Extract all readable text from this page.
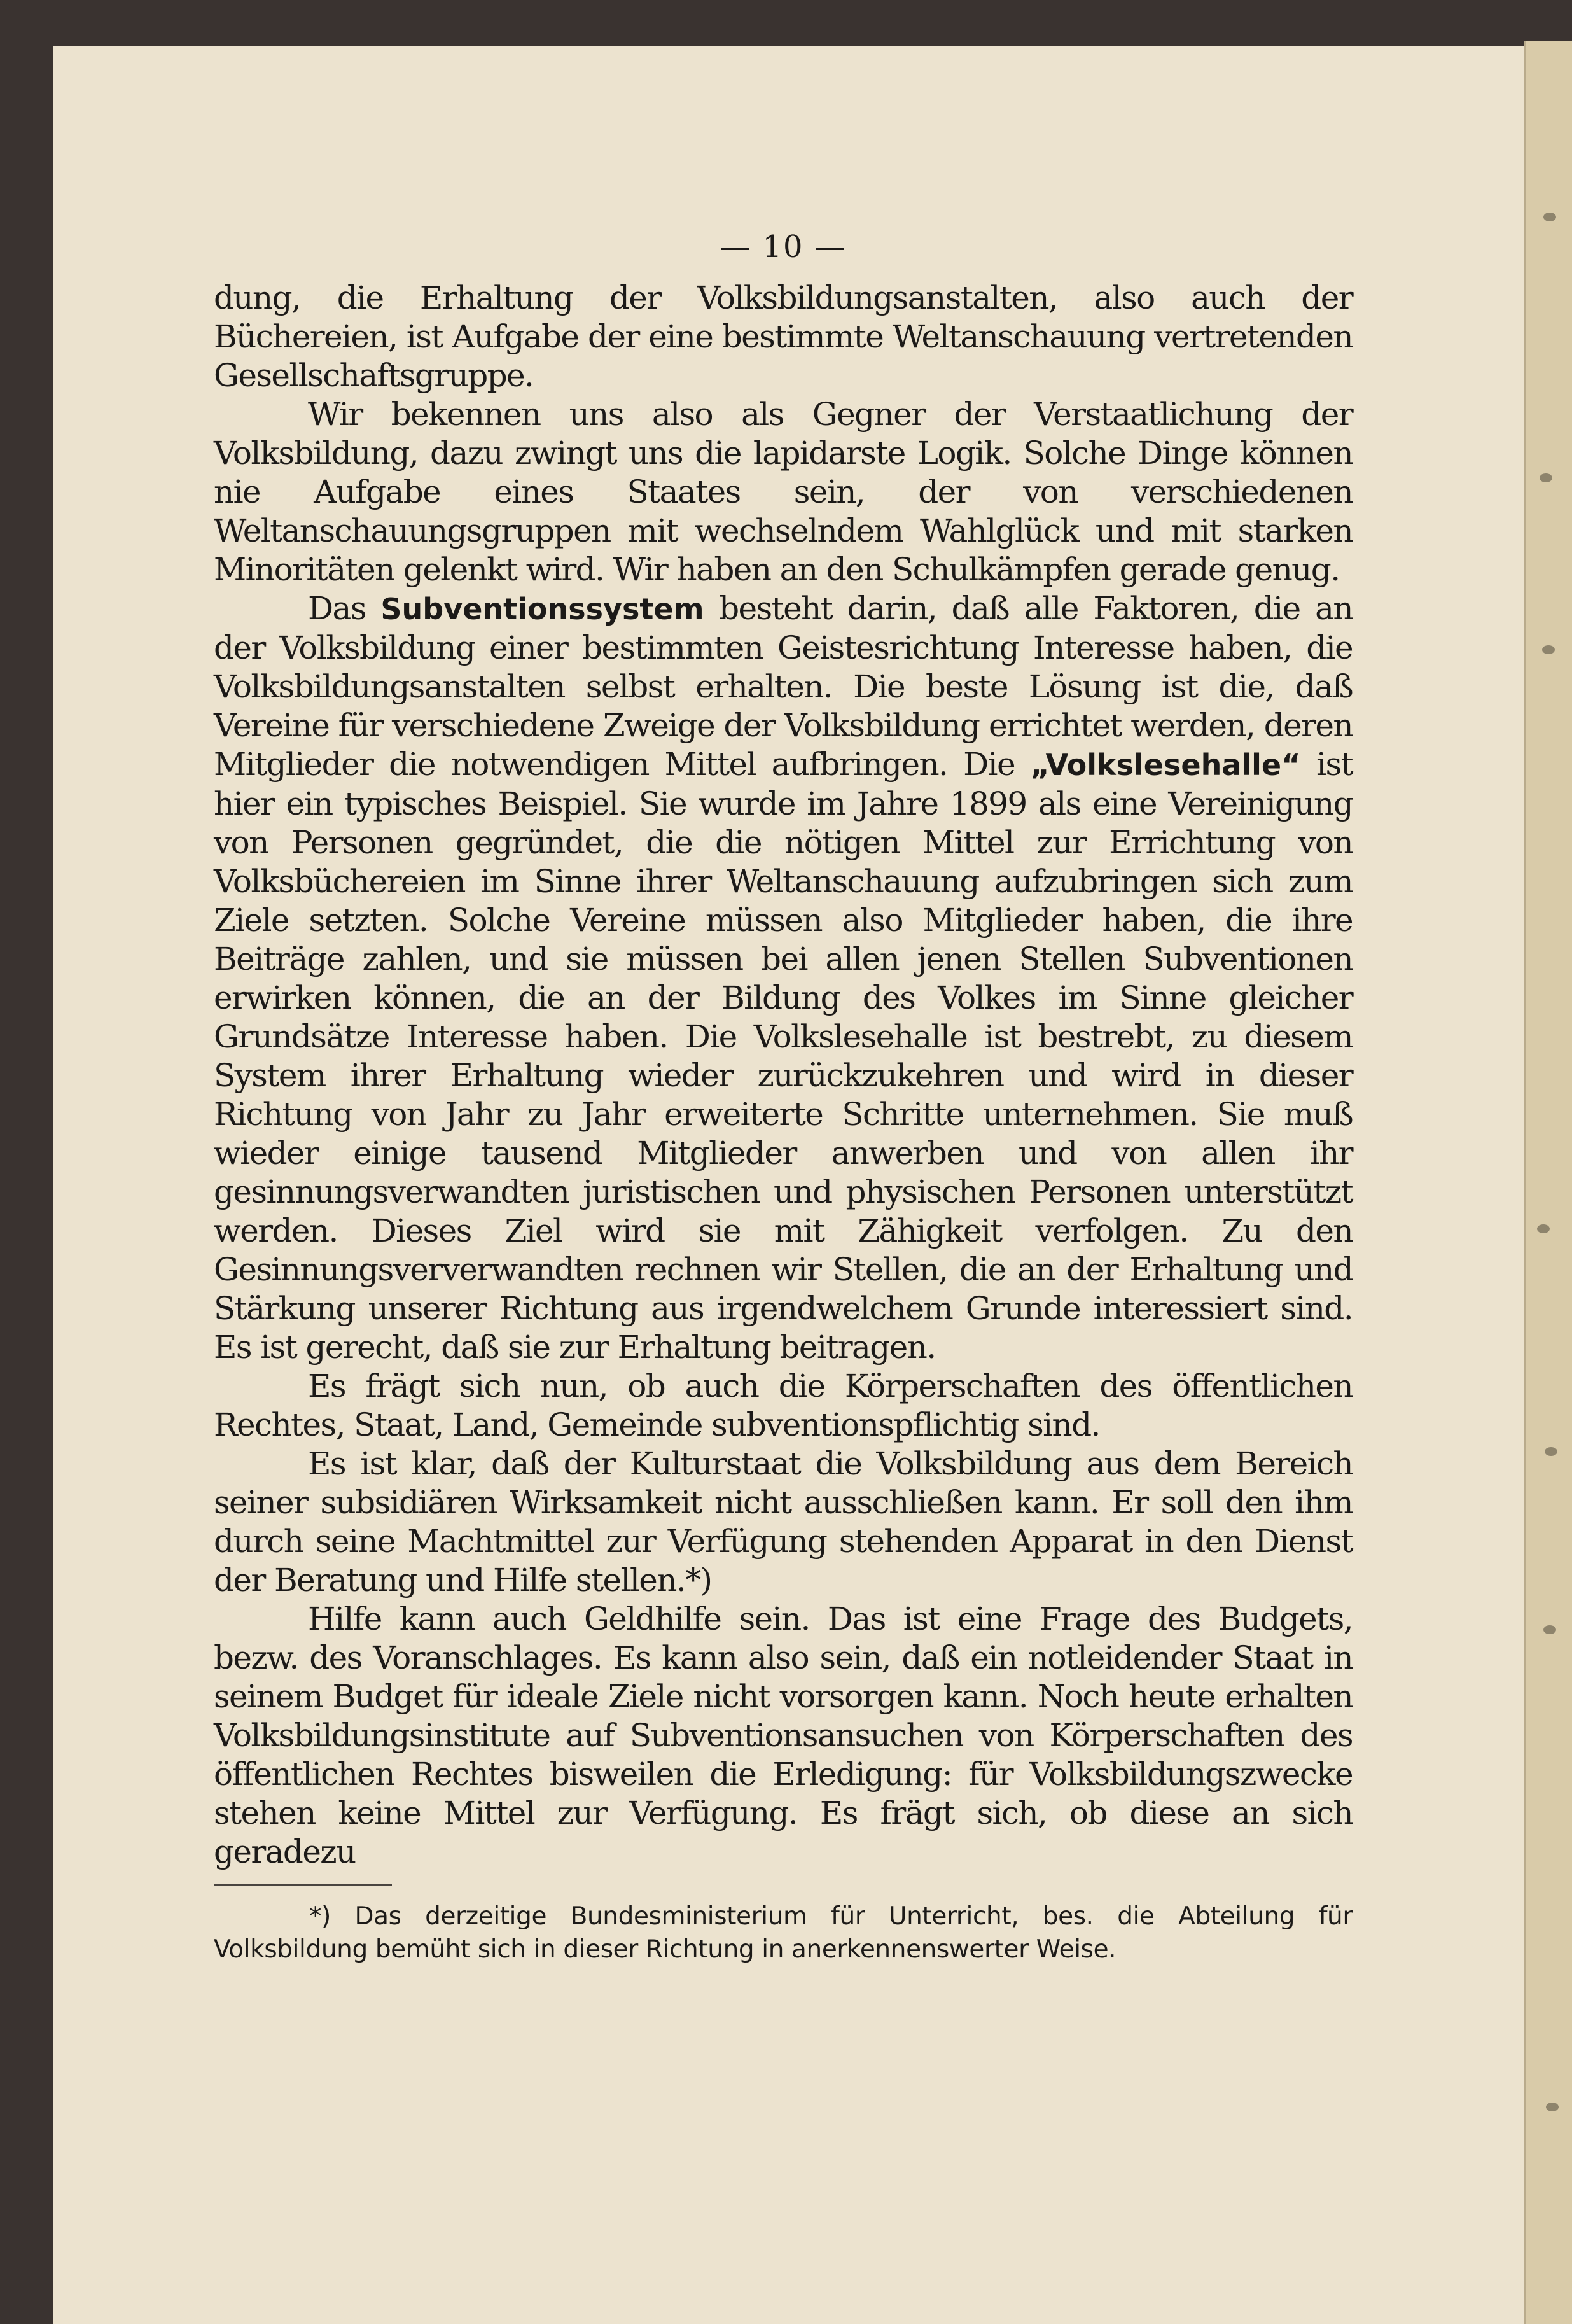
— 10 —

dung, die Erhaltung der Volksbildungsanstalten, also auch der Büchereien, ist Aufgabe der eine bestimmte Weltanschauung vertretenden Gesellschaftsgruppe.

Wir bekennen uns also als Gegner der Verstaatlichung der Volksbildung, dazu zwingt uns die lapidarste Logik. Solche Dinge können nie Aufgabe eines Staates sein, der von verschiedenen Weltanschauungsgruppen mit wechselndem Wahlglück und mit starken Minoritäten gelenkt wird. Wir haben an den Schulkämpfen gerade genug.

Das Subventionssystem besteht darin, daß alle Faktoren, die an der Volksbildung einer bestimmten Geistesrichtung Interesse haben, die Volksbildungsanstalten selbst erhalten. Die beste Lösung ist die, daß Vereine für verschiedene Zweige der Volksbildung errichtet werden, deren Mitglieder die notwendigen Mittel aufbringen. Die „Volkslesehalle“ ist hier ein typisches Beispiel. Sie wurde im Jahre 1899 als eine Vereinigung von Personen gegründet, die die nötigen Mittel zur Errichtung von Volksbüchereien im Sinne ihrer Weltanschauung aufzubringen sich zum Ziele setzten. Solche Vereine müssen also Mitglieder haben, die ihre Beiträge zahlen, und sie müssen bei allen jenen Stellen Subventionen erwirken können, die an der Bildung des Volkes im Sinne gleicher Grundsätze Interesse haben. Die Volkslesehalle ist bestrebt, zu diesem System ihrer Erhaltung wieder zurückzukehren und wird in dieser Richtung von Jahr zu Jahr erweiterte Schritte unternehmen. Sie muß wieder einige tausend Mitglieder anwerben und von allen ihr gesinnungsverwandten juristischen und physischen Personen unterstützt werden. Dieses Ziel wird sie mit Zähigkeit verfolgen. Zu den Gesinnungsververwandten rechnen wir Stellen, die an der Erhaltung und Stärkung unserer Richtung aus irgendwelchem Grunde interessiert sind. Es ist gerecht, daß sie zur Erhaltung beitragen.

Es frägt sich nun, ob auch die Körperschaften des öffentlichen Rechtes, Staat, Land, Gemeinde subventionspflichtig sind.

Es ist klar, daß der Kulturstaat die Volksbildung aus dem Bereich seiner subsidiären Wirksamkeit nicht ausschließen kann. Er soll den ihm durch seine Machtmittel zur Verfügung stehenden Apparat in den Dienst der Beratung und Hilfe stellen.*)

Hilfe kann auch Geldhilfe sein. Das ist eine Frage des Budgets, bezw. des Voranschlages. Es kann also sein, daß ein notleidender Staat in seinem Budget für ideale Ziele nicht vorsorgen kann. Noch heute erhalten Volksbildungsinstitute auf Subventionsansuchen von Körperschaften des öffentlichen Rechtes bisweilen die Erledigung: für Volksbildungszwecke stehen keine Mittel zur Verfügung. Es frägt sich, ob diese an sich geradezu

*) Das derzeitige Bundesministerium für Unterricht, bes. die Abteilung für Volksbildung bemüht sich in dieser Richtung in anerkennenswerter Weise.
